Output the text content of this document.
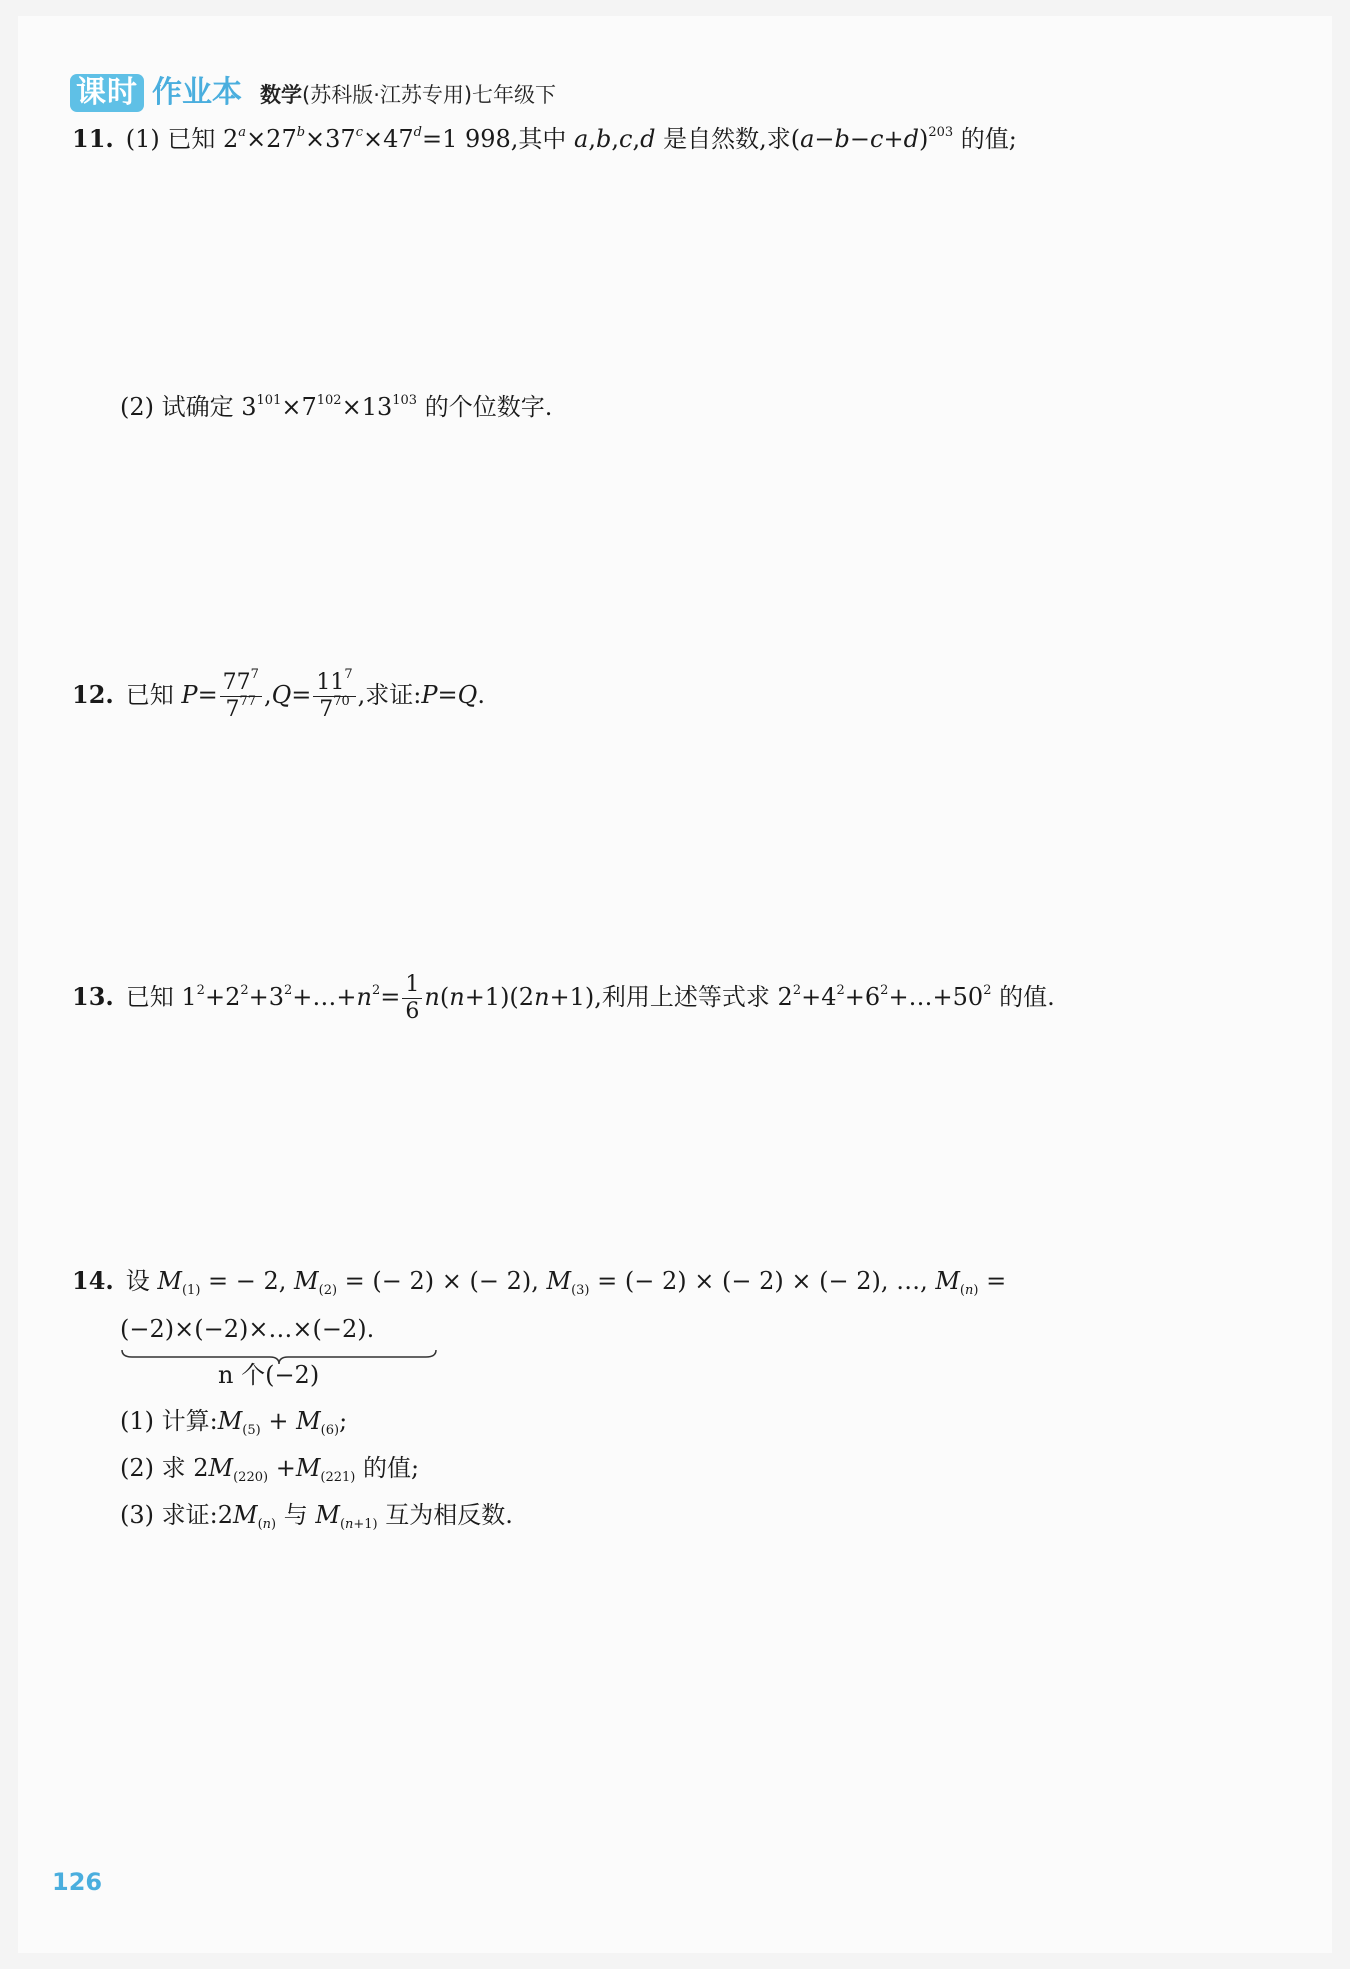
课时 作业本 数学(苏科版·江苏专用)七年级下
11. (1) 已知 $2^a\times 27^b\times 37^c\times 47^d=1$ 998,其中 a,b,c,d 是自然数,求$(a-b-c+d)^{203}$ 的值;
(2) 试确定 $3^{101}\times 7^{102}\times 13^{103}$ 的个位数字.
12. 已知 $P= \frac{77^7}{7^{77}} ,Q= \frac{11^7}{7^{70}}$ ,求证:P=Q.
13. 已知 $1^2+2^2+3^2+\dots+n^2= \frac{1}{6} n(n+1)(2n+1)$,利用上述等式求 $2^2+4^2+6^2+\dots+50^2$ 的值.
14. 设 $M_{(1)}$ = − 2, $M_{(2)}$ = (− 2) × (− 2), $M_{(3)}$ = (− 2) × (− 2) × (− 2), …, $M_{(n)}$ =
(−2)×(−2)×…×(−2).
n 个(−2)
(1) 计算$:M_{(5)} + M_{(6)}$;
(2) 求 $2M_{(220)} +M_{(221)}$ 的值;
(3) 求证$:2M_{(n)}$ 与 $M_{(n+1)}$ 互为相反数.
126
